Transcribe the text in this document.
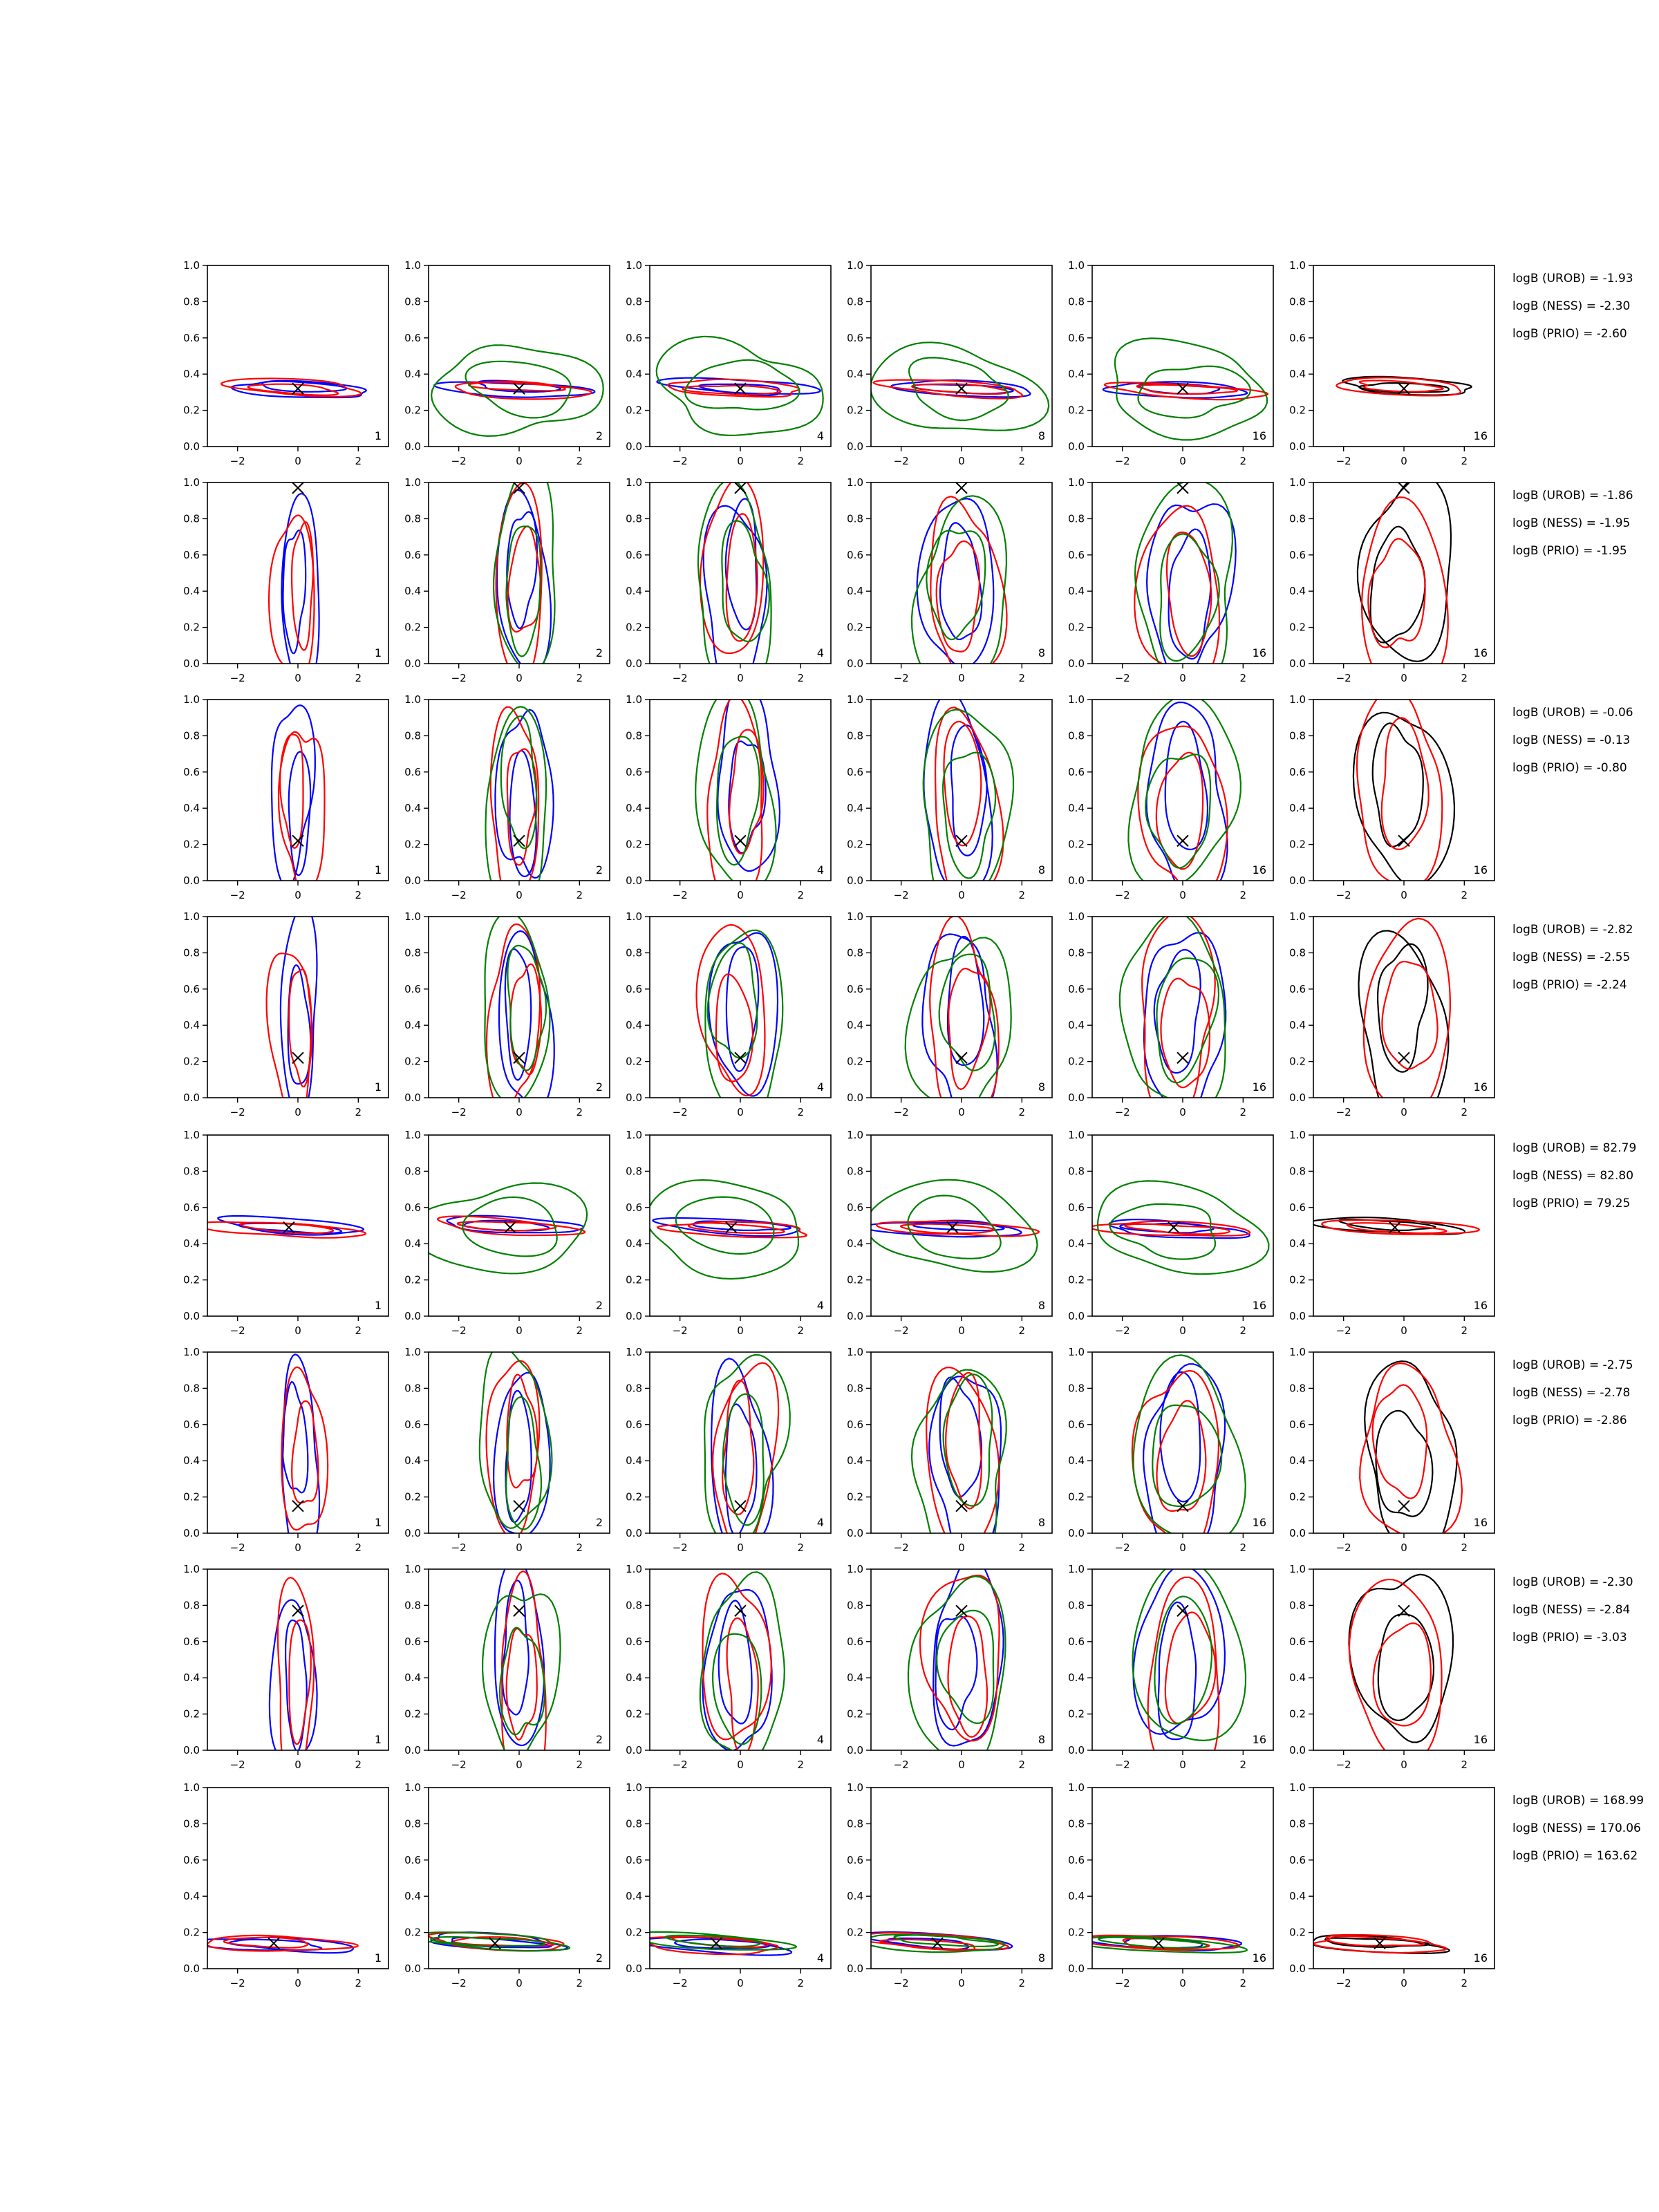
−2	0	2
0.0
0.2
0.4
0.6
0.8
1.0
1
−2	0	2
0.0
0.2
0.4
0.6
0.8
1.0
2
−2	0	2
0.0
0.2
0.4
0.6
0.8
1.0
4
−2	0	2
0.0
0.2
0.4
0.6
0.8
1.0
8
−2	0	2
0.0
0.2
0.4
0.6
0.8
1.0
16
−2	0	2
0.0
0.2
0.4
0.6
0.8
1.0
16
logB (UROB) = -1.93
logB (NESS) = -2.30
logB (PRIO) = -2.60
−2	0	2
0.0
0.2
0.4
0.6
0.8
1.0
1
−2	0	2
0.0
0.2
0.4
0.6
0.8
1.0
2
−2	0	2
0.0
0.2
0.4
0.6
0.8
1.0
4
−2	0	2
0.0
0.2
0.4
0.6
0.8
1.0
8
−2	0	2
0.0
0.2
0.4
0.6
0.8
1.0
16
−2	0	2
0.0
0.2
0.4
0.6
0.8
1.0
16
logB (UROB) = -1.86
logB (NESS) = -1.95
logB (PRIO) = -1.95
−2	0	2
0.0
0.2
0.4
0.6
0.8
1.0
1
−2	0	2
0.0
0.2
0.4
0.6
0.8
1.0
2
−2	0	2
0.0
0.2
0.4
0.6
0.8
1.0
4
−2	0	2
0.0
0.2
0.4
0.6
0.8
1.0
8
−2	0	2
0.0
0.2
0.4
0.6
0.8
1.0
16
−2	0	2
0.0
0.2
0.4
0.6
0.8
1.0
16
logB (UROB) = -0.06
logB (NESS) = -0.13
logB (PRIO) = -0.80
−2	0	2
0.0
0.2
0.4
0.6
0.8
1.0
1
−2	0	2
0.0
0.2
0.4
0.6
0.8
1.0
2
−2	0	2
0.0
0.2
0.4
0.6
0.8
1.0
4
−2	0	2
0.0
0.2
0.4
0.6
0.8
1.0
8
−2	0	2
0.0
0.2
0.4
0.6
0.8
1.0
16
−2	0	2
0.0
0.2
0.4
0.6
0.8
1.0
16
logB (UROB) = -2.82
logB (NESS) = -2.55
logB (PRIO) = -2.24
−2	0	2
0.0
0.2
0.4
0.6
0.8
1.0
1
−2	0	2
0.0
0.2
0.4
0.6
0.8
1.0
2
−2	0	2
0.0
0.2
0.4
0.6
0.8
1.0
4
−2	0	2
0.0
0.2
0.4
0.6
0.8
1.0
8
−2	0	2
0.0
0.2
0.4
0.6
0.8
1.0
16
−2	0	2
0.0
0.2
0.4
0.6
0.8
1.0
16
logB (UROB) = 82.79
logB (NESS) = 82.80
logB (PRIO) = 79.25
−2	0	2
0.0
0.2
0.4
0.6
0.8
1.0
1
−2	0	2
0.0
0.2
0.4
0.6
0.8
1.0
2
−2	0	2
0.0
0.2
0.4
0.6
0.8
1.0
4
−2	0	2
0.0
0.2
0.4
0.6
0.8
1.0
8
−2	0	2
0.0
0.2
0.4
0.6
0.8
1.0
16
−2	0	2
0.0
0.2
0.4
0.6
0.8
1.0
16
logB (UROB) = -2.75
logB (NESS) = -2.78
logB (PRIO) = -2.86
−2	0	2
0.0
0.2
0.4
0.6
0.8
1.0
1
−2	0	2
0.0
0.2
0.4
0.6
0.8
1.0
2
−2	0	2
0.0
0.2
0.4
0.6
0.8
1.0
4
−2	0	2
0.0
0.2
0.4
0.6
0.8
1.0
8
−2	0	2
0.0
0.2
0.4
0.6
0.8
1.0
16
−2	0	2
0.0
0.2
0.4
0.6
0.8
1.0
16
logB (UROB) = -2.30
logB (NESS) = -2.84
logB (PRIO) = -3.03
−2	0	2
0.0
0.2
0.4
0.6
0.8
1.0
1
−2	0	2
0.0
0.2
0.4
0.6
0.8
1.0
2
−2	0	2
0.0
0.2
0.4
0.6
0.8
1.0
4
−2	0	2
0.0
0.2
0.4
0.6
0.8
1.0
8
−2	0	2
0.0
0.2
0.4
0.6
0.8
1.0
16
−2	0	2
0.0
0.2
0.4
0.6
0.8
1.0
16
logB (UROB) = 168.99
logB (NESS) = 170.06
logB (PRIO) = 163.62
